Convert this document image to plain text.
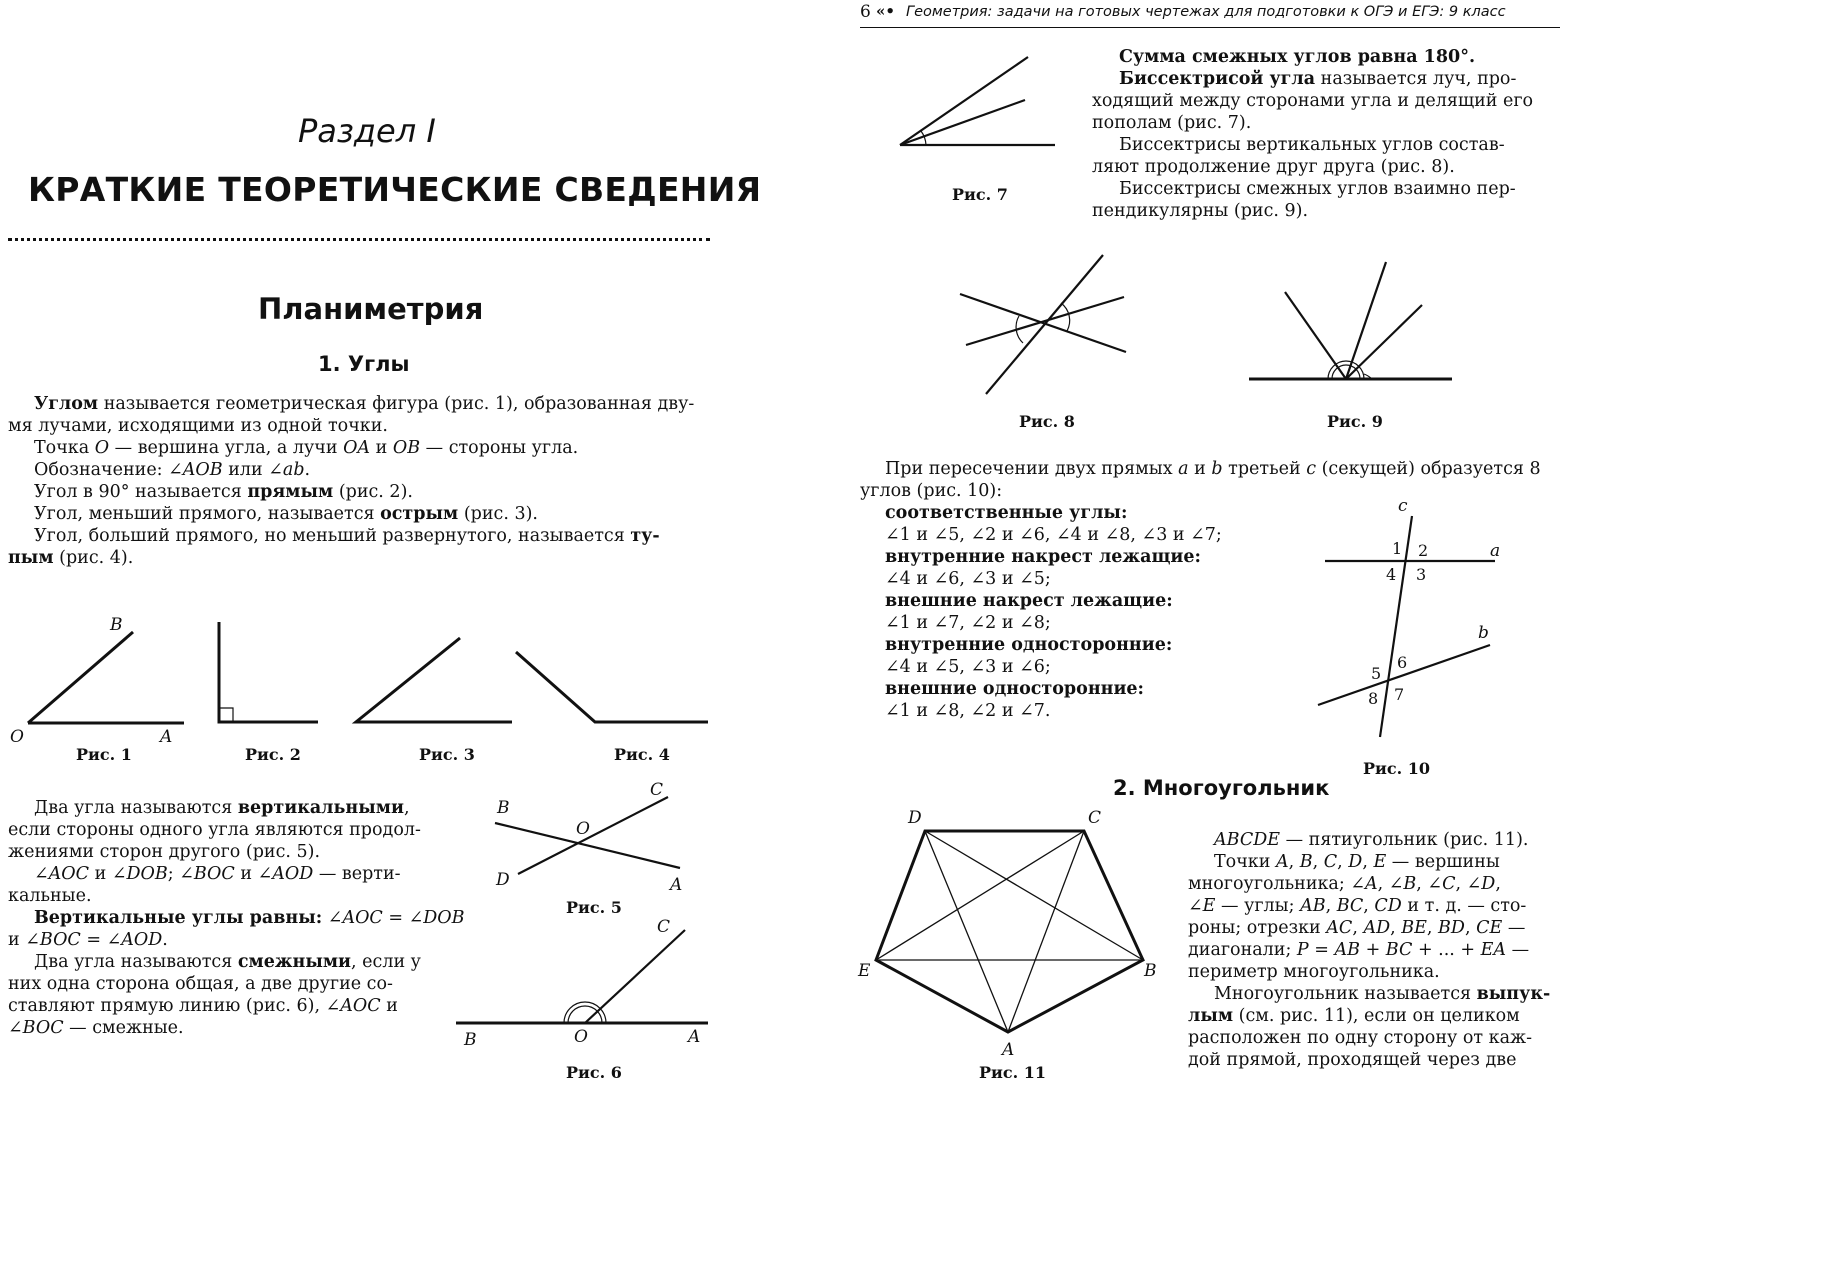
Раздел I
КРАТКИЕ ТЕОРЕТИЧЕСКИЕ СВЕДЕНИЯ
Планиметрия
1. Углы
Углом называется геометрическая фигура (рис. 1), образованная дву-
мя лучами, исходящими из одной точки.
Точка O — вершина угла, а лучи OA и OB — стороны угла.
Обозначение: ∠AOB или ∠ab.
Угол в 90° называется прямым (рис. 2).
Угол, меньший прямого, называется острым (рис. 3).
Угол, больший прямого, но меньший развернутого, называется ту-
пым (рис. 4).
B
O	A
Рис. 1	Рис. 2	Рис. 3	Рис. 4
Два угла называются вертикальными,
если стороны одного угла являются продол-
жениями сторон другого (рис. 5).
∠AOC и ∠DOB; ∠BOC и ∠AOD — верти-
кальные.
Вертикальные углы равны: ∠AOC = ∠DOB
и ∠BOC = ∠AOD.
Два угла называются смежными, если у
них одна сторона общая, а две другие со-
ставляют прямую линию (рис. 6), ∠AOC и
∠BOC — смежные.
B
C
O
D	A
Рис. 5
C
B	O	A
Рис. 6
6 «• Геометрия: задачи на готовых чертежах для подготовки к ОГЭ и ЕГЭ: 9 класс
Рис. 7
Сумма смежных углов равна 180°.
Биссектрисой угла называется луч, про-
ходящий между сторонами угла и делящий его
пополам (рис. 7).
Биссектрисы вертикальных углов состав-
ляют продолжение друг друга (рис. 8).
Биссектрисы смежных углов взаимно пер-
пендикулярны (рис. 9).
Рис. 8	Рис. 9
При пересечении двух прямых a и b третьей c (секущей) образуется 8
углов (рис. 10):
соответственные углы:
∠1 и ∠5, ∠2 и ∠6, ∠4 и ∠8, ∠3 и ∠7;
внутренние накрест лежащие:
∠4 и ∠6, ∠3 и ∠5;
внешние накрест лежащие:
∠1 и ∠7, ∠2 и ∠8;
внутренние односторонние:
∠4 и ∠5, ∠3 и ∠6;
внешние односторонние:
∠1 и ∠8, ∠2 и ∠7.
c
a
b
1 2
4 3
6
5
8 7
Рис. 10
2. Многоугольник
D	C
E	B
A
Рис. 11
ABCDE — пятиугольник (рис. 11).
Точки A, B, C, D, E — вершины
многоугольника; ∠A, ∠B, ∠C, ∠D,
∠E — углы; AB, BC, CD и т. д. — сто-
роны; отрезки AC, AD, BE, BD, CE —
диагонали; P = AB + BC + ... + EA —
периметр многоугольника.
Многоугольник называется выпук-
лым (см. рис. 11), если он целиком
расположен по одну сторону от каж-
дой прямой, проходящей через две
